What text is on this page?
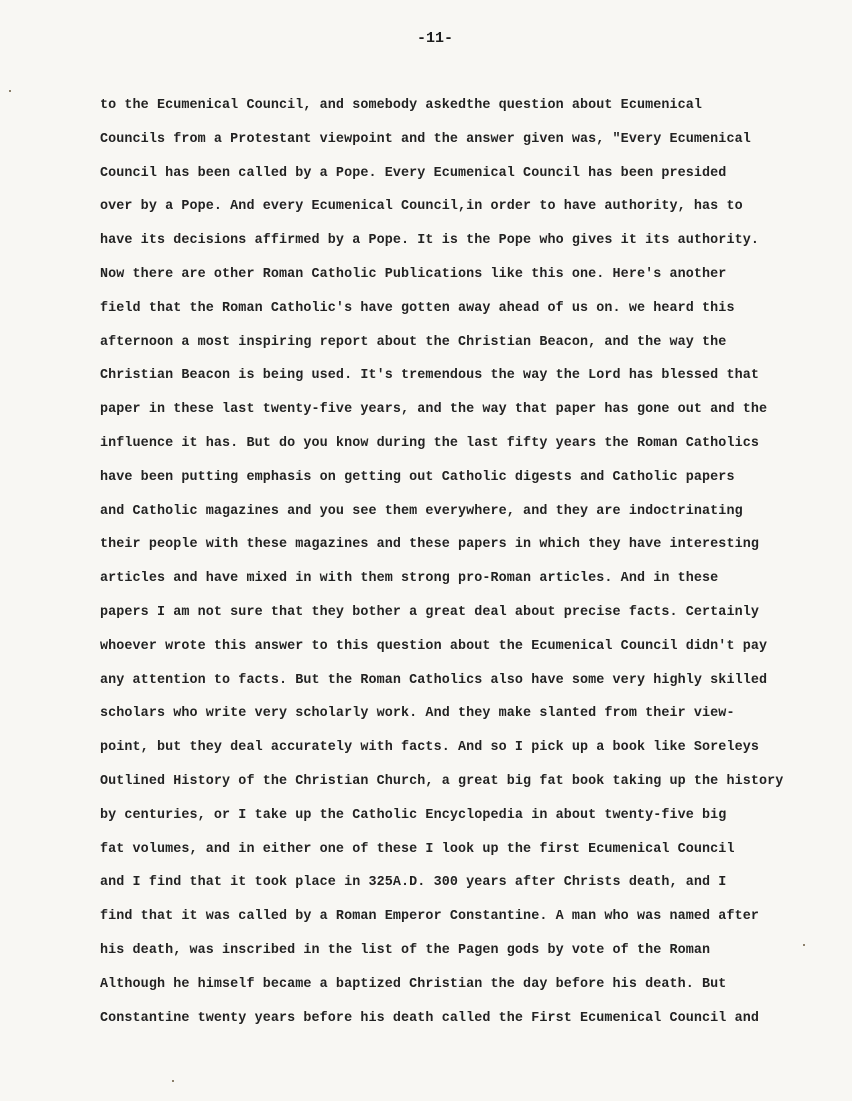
-11-
to the Ecumenical Council, and somebody askedthe question about Ecumenical
Councils from a Protestant viewpoint and the answer given was, "Every Ecumenical
Council has been called by a Pope. Every Ecumenical Council has been presided
over by a Pope. And every Ecumenical Council,in order to have authority, has to
have its decisions affirmed by a Pope. It is the Pope who gives it its authority.
Now there are other Roman Catholic Publications like this one. Here's another
field that the Roman Catholic's have gotten away ahead of us on. we heard this
afternoon a most inspiring report about the Christian Beacon, and the way the
Christian Beacon is being used. It's tremendous the way the Lord has blessed that
paper in these last twenty-five years, and the way that paper has gone out and the
influence it has. But do you know during the last fifty years the Roman Catholics
have been putting emphasis on getting out Catholic digests and Catholic papers
and Catholic magazines and you see them everywhere, and they are indoctrinating
their people with these magazines and these papers in which they have interesting
articles and have mixed in with them strong pro-Roman articles. And in these
papers I am not sure that they bother a great deal about precise facts. Certainly
whoever wrote this answer to this question about the Ecumenical Council didn't pay
any attention to facts. But the Roman Catholics also have some very highly skilled
scholars who write very scholarly work. And they make slanted from their view-
point, but they deal accurately with facts. And so I pick up a book like Soreleys
Outlined History of the Christian Church, a great big fat book taking up the history
by centuries, or I take up the Catholic Encyclopedia in about twenty-five big
fat volumes, and in either one of these I look up the first Ecumenical Council
and I find that it took place in 325A.D. 300 years after Christs death, and I
find that it was called by a Roman Emperor Constantine. A man who was named after
his death, was inscribed in the list of the Pagen gods by vote of the Roman
Although he himself became a baptized Christian the day before his death. But
Constantine twenty years before his death called the First Ecumenical Council and
